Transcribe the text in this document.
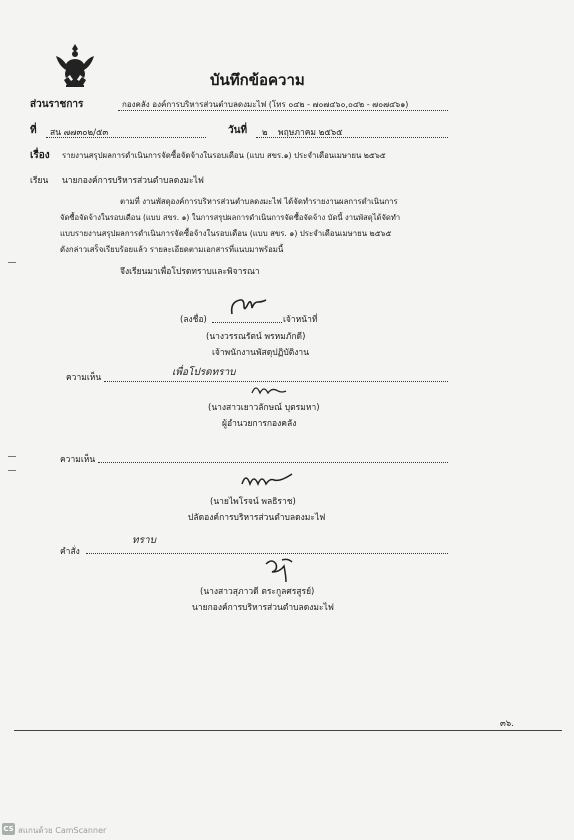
บันทึกข้อความ
ส่วนราชการ	กองคลัง องค์การบริหารส่วนตำบลดงมะไฟ (โทร ๐๔๒ - ๗๐๗๔๖๐,๐๔๒ - ๗๐๗๔๖๑)
ที่ สน ๗๗๓๐๒/๕๓	วันที่ ๒ พฤษภาคม ๒๕๖๕
เรื่อง รายงานสรุปผลการดำเนินการจัดซื้อจัดจ้างในรอบเดือน (แบบ สขร.๑) ประจำเดือนเมษายน ๒๕๖๕
เรียน นายกองค์การบริหารส่วนตำบลดงมะไฟ
ตามที่ งานพัสดุองค์การบริหารส่วนตำบลดงมะไฟ ได้จัดทำรายงานผลการดำเนินการ
จัดซื้อจัดจ้างในรอบเดือน (แบบ สขร. ๑) ในการสรุปผลการดำเนินการจัดซื้อจัดจ้าง บัดนี้ งานพัสดุได้จัดทำ
แบบรายงานสรุปผลการดำเนินการจัดซื้อจ้างในรอบเดือน (แบบ สขร. ๑) ประจำเดือนเมษายน ๒๕๖๕
ดังกล่าวเสร็จเรียบร้อยแล้ว รายละเอียดตามเอกสารที่แนบมาพร้อมนี้
จึงเรียนมาเพื่อโปรดทราบและพิจารณา
(ลงชื่อ)	เจ้าหน้าที่
(นางวรรณรัตน์ พรหมภักดี)
เจ้าพนักงานพัสดุปฏิบัติงาน
ความเห็น	เพื่อโปรดทราบ
(นางสาวเยาวลักษณ์ บุตรมหา)
ผู้อำนวยการกองคลัง
ความเห็น
(นายไพโรจน์ พลธิราช)
ปลัดองค์การบริหารส่วนตำบลดงมะไฟ
คำสั่ง
ทราบ
(นางสาวสุภาวดี ตระกูลศรสูรย์)
นายกองค์การบริหารส่วนตำบลดงมะไฟ
๓๖.
CS สแกนด้วย CamScanner
